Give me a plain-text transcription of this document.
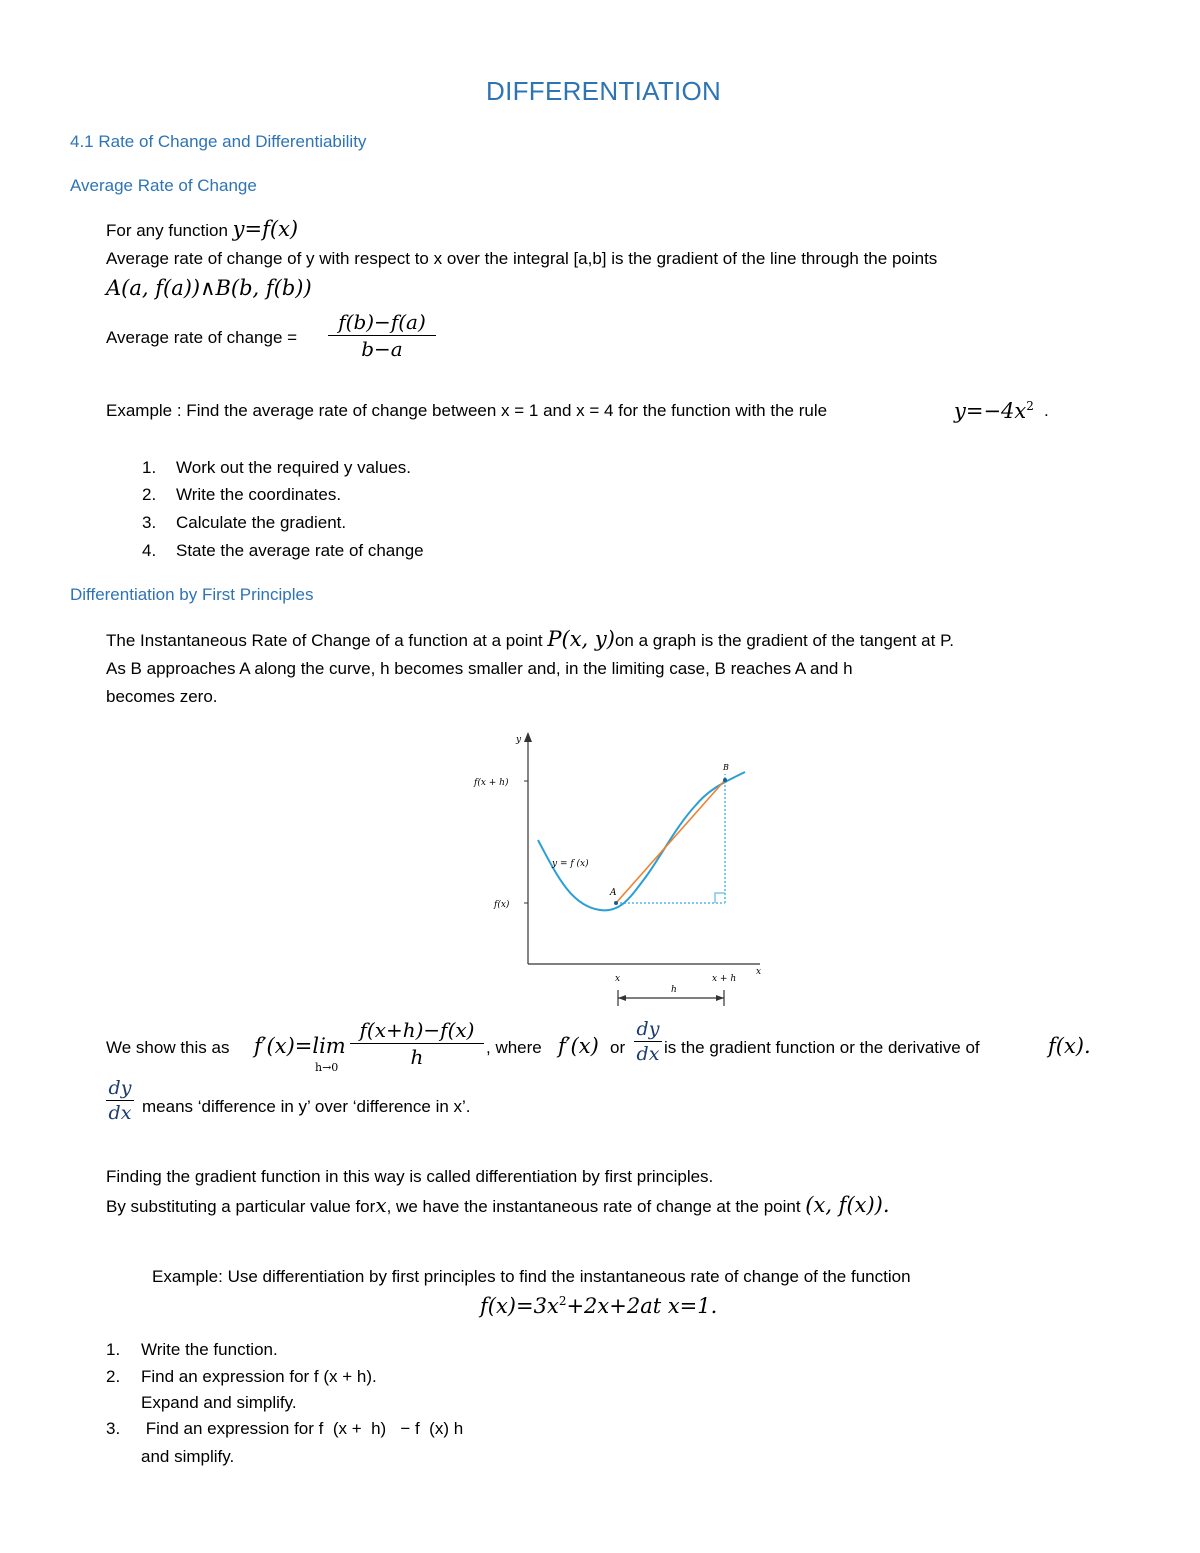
DIFFERENTIATION
4.1 Rate of Change and Differentiability
Average Rate of Change
For any function y=f(x)
Average rate of change of y with respect to x over the integral [a,b] is the gradient of the line through the points
A(a, f(a))∧B(b, f(b))
Average rate of change =
f(b)−f(a)
b−a
Example : Find the average rate of change between x = 1 and x = 4 for the function with the rule	$y=-4x^2$ .
1. Work out the required y values.
2. Write the coordinates.
3. Calculate the gradient.
4. State the average rate of change
Differentiation by First Principles
The Instantaneous Rate of Change of a function at a point P(x, y)on a graph is the gradient of the tangent at P.
As B approaches A along the curve, h becomes smaller and, in the limiting case, B reaches A and h
becomes zero.
y
x
f(x + h)
f(x)
A
B
y = f (x)
x	x + h
h
We show this as f′(x)=lim
h→0
f(x+h)−f(x)
h	, where f′(x) or
dy
dx is the gradient function or the derivative of	f(x).
dy
dx means ‘difference in y’ over ‘difference in x’.
Finding the gradient function in this way is called differentiation by first principles.
By substituting a particular value forx, we have the instantaneous rate of change at the point (x, f(x)).
Example: Use differentiation by first principles to find the instantaneous rate of change of the function
$f(x)=3x^2+2x+2at$ x=1.
1. Write the function.
2. Find an expression for f (x + h).
Expand and simplify.
3. Find an expression for f  (x +  h)   − f  (x) h
and simplify.
